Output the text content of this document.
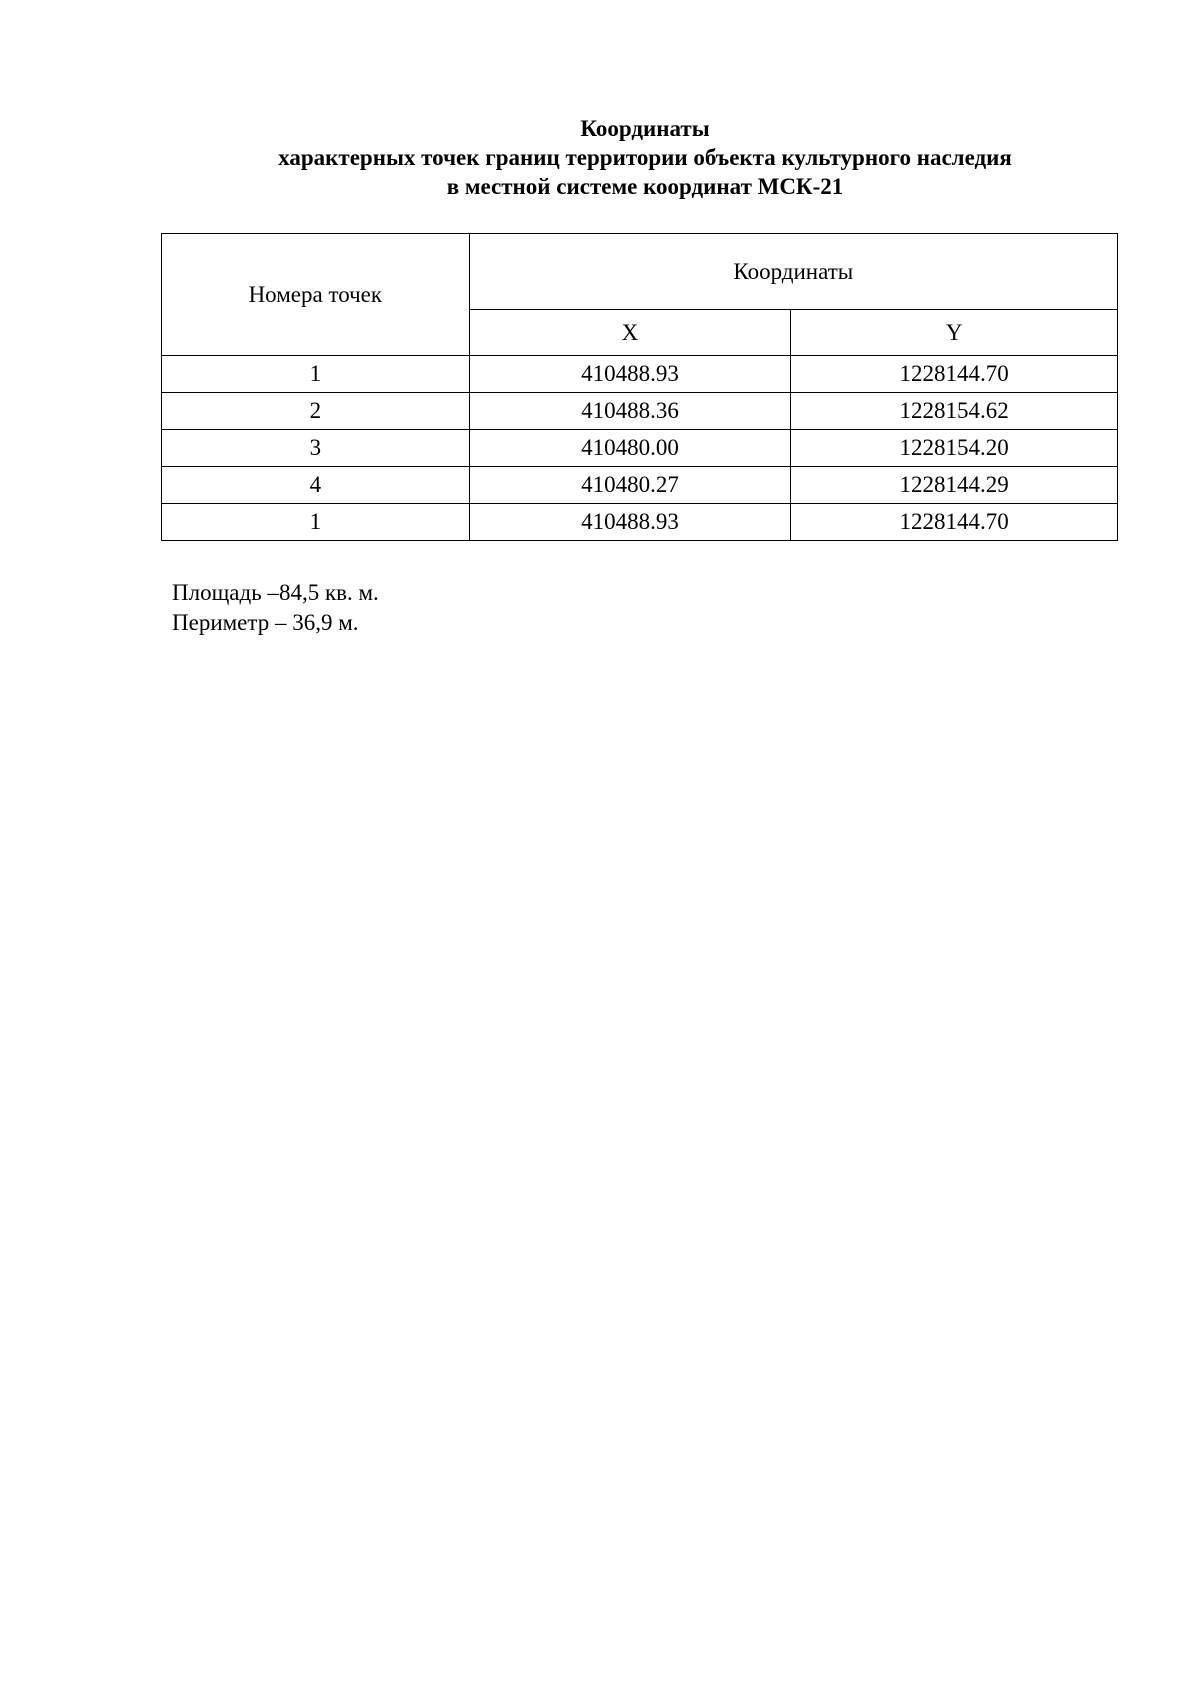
Координаты
характерных точек границ территории объекта культурного наследия
в местной системе координат МСК-21
Номера точек	Координаты	
	X	Y
1	410488.93	1228144.70
2	410488.36	1228154.62
3	410480.00	1228154.20
4	410480.27	1228144.29
1	410488.93	1228144.70
Площадь –84,5 кв. м.
Периметр – 36,9 м.
